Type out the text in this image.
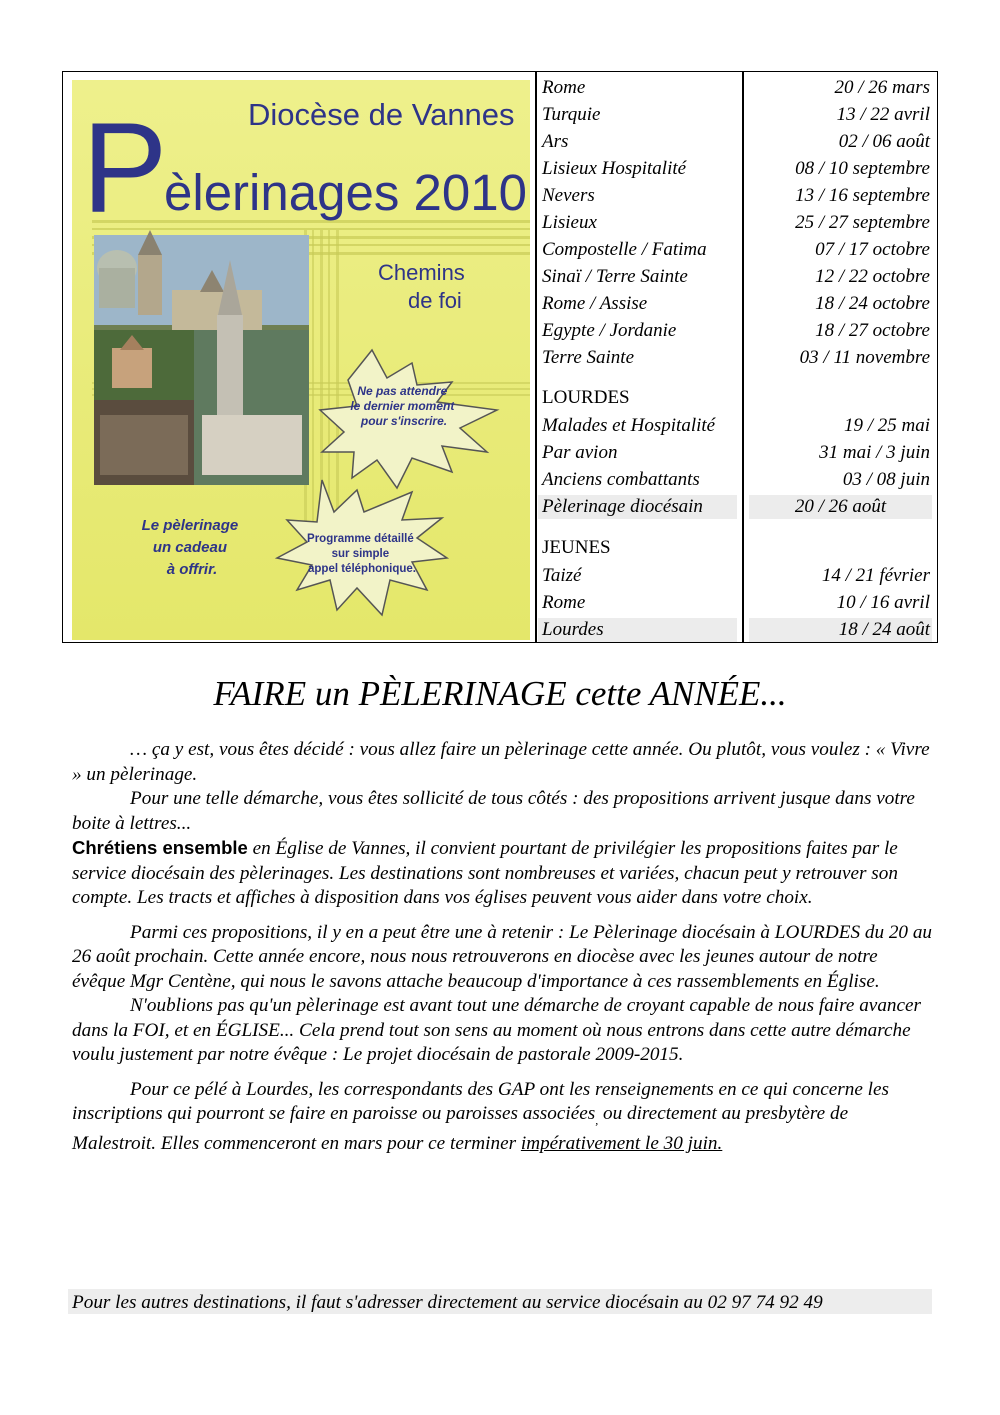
Diocèse de Vannes
P
èlerinages 2010
Chemins
de foi
Ne pas attendre le dernier moment pour s'inscrire.
Programme détaillé sur simple appel téléphonique.
Le pèlerinage un cadeau à offrir.
Rome	20 / 26 mars
Turquie	13 / 22 avril
Ars	02 / 06 août
Lisieux Hospitalité	08 / 10 septembre
Nevers	13 / 16 septembre
Lisieux	25 / 27 septembre
Compostelle / Fatima	07 / 17 octobre
Sinaï / Terre Sainte	12 / 22 octobre
Rome / Assise	18 / 24 octobre
Egypte / Jordanie	18 / 27 octobre
Terre Sainte	03 / 11 novembre
LOURDES
Malades et Hospitalité	19 / 25 mai
Par avion	31 mai / 3 juin
Anciens combattants	03 / 08 juin
Pèlerinage diocésain	20 / 26 août
JEUNES
Taizé	14 / 21 février
Rome	10 / 16 avril
Lourdes	18 / 24 août
FAIRE un PÈLERINAGE cette ANNÉE...

… ça y est, vous êtes décidé : vous allez faire un pèlerinage cette année. Ou plutôt, vous voulez : « Vivre » un pèlerinage.

Pour une telle démarche, vous êtes sollicité de tous côtés : des propositions arrivent jusque dans votre boite à lettres...

Chrétiens ensemble en Église de Vannes, il convient pourtant de privilégier les propositions faites par le service diocésain des pèlerinages. Les destinations sont nombreuses et variées, chacun peut y retrouver son compte. Les tracts et affiches à disposition dans vos églises peuvent vous aider dans votre choix.

Parmi ces propositions, il y en a peut être une à retenir : Le Pèlerinage diocésain à LOURDES du 20 au 26 août prochain. Cette année encore, nous nous retrouverons en diocèse avec les jeunes autour de notre évêque Mgr Centène, qui nous le savons attache beaucoup d'importance à ces rassemblements en Église.

N'oublions pas qu'un pèlerinage est avant tout une démarche de croyant capable de nous faire avancer dans la FOI, et en ÉGLISE... Cela prend tout son sens au moment où nous entrons dans cette autre démarche voulu justement par notre évêque : Le projet diocésain de pastorale 2009-2015.

Pour ce pélé à Lourdes, les correspondants des GAP ont les renseignements en ce qui concerne les inscriptions qui pourront se faire en paroisse ou paroisses associées$_,$ ou directement au presbytère de Malestroit. Elles commenceront en mars pour ce terminer impérativement le 30 juin.

Pour les autres destinations, il faut s'adresser directement au service diocésain au 02 97 74 92 49
